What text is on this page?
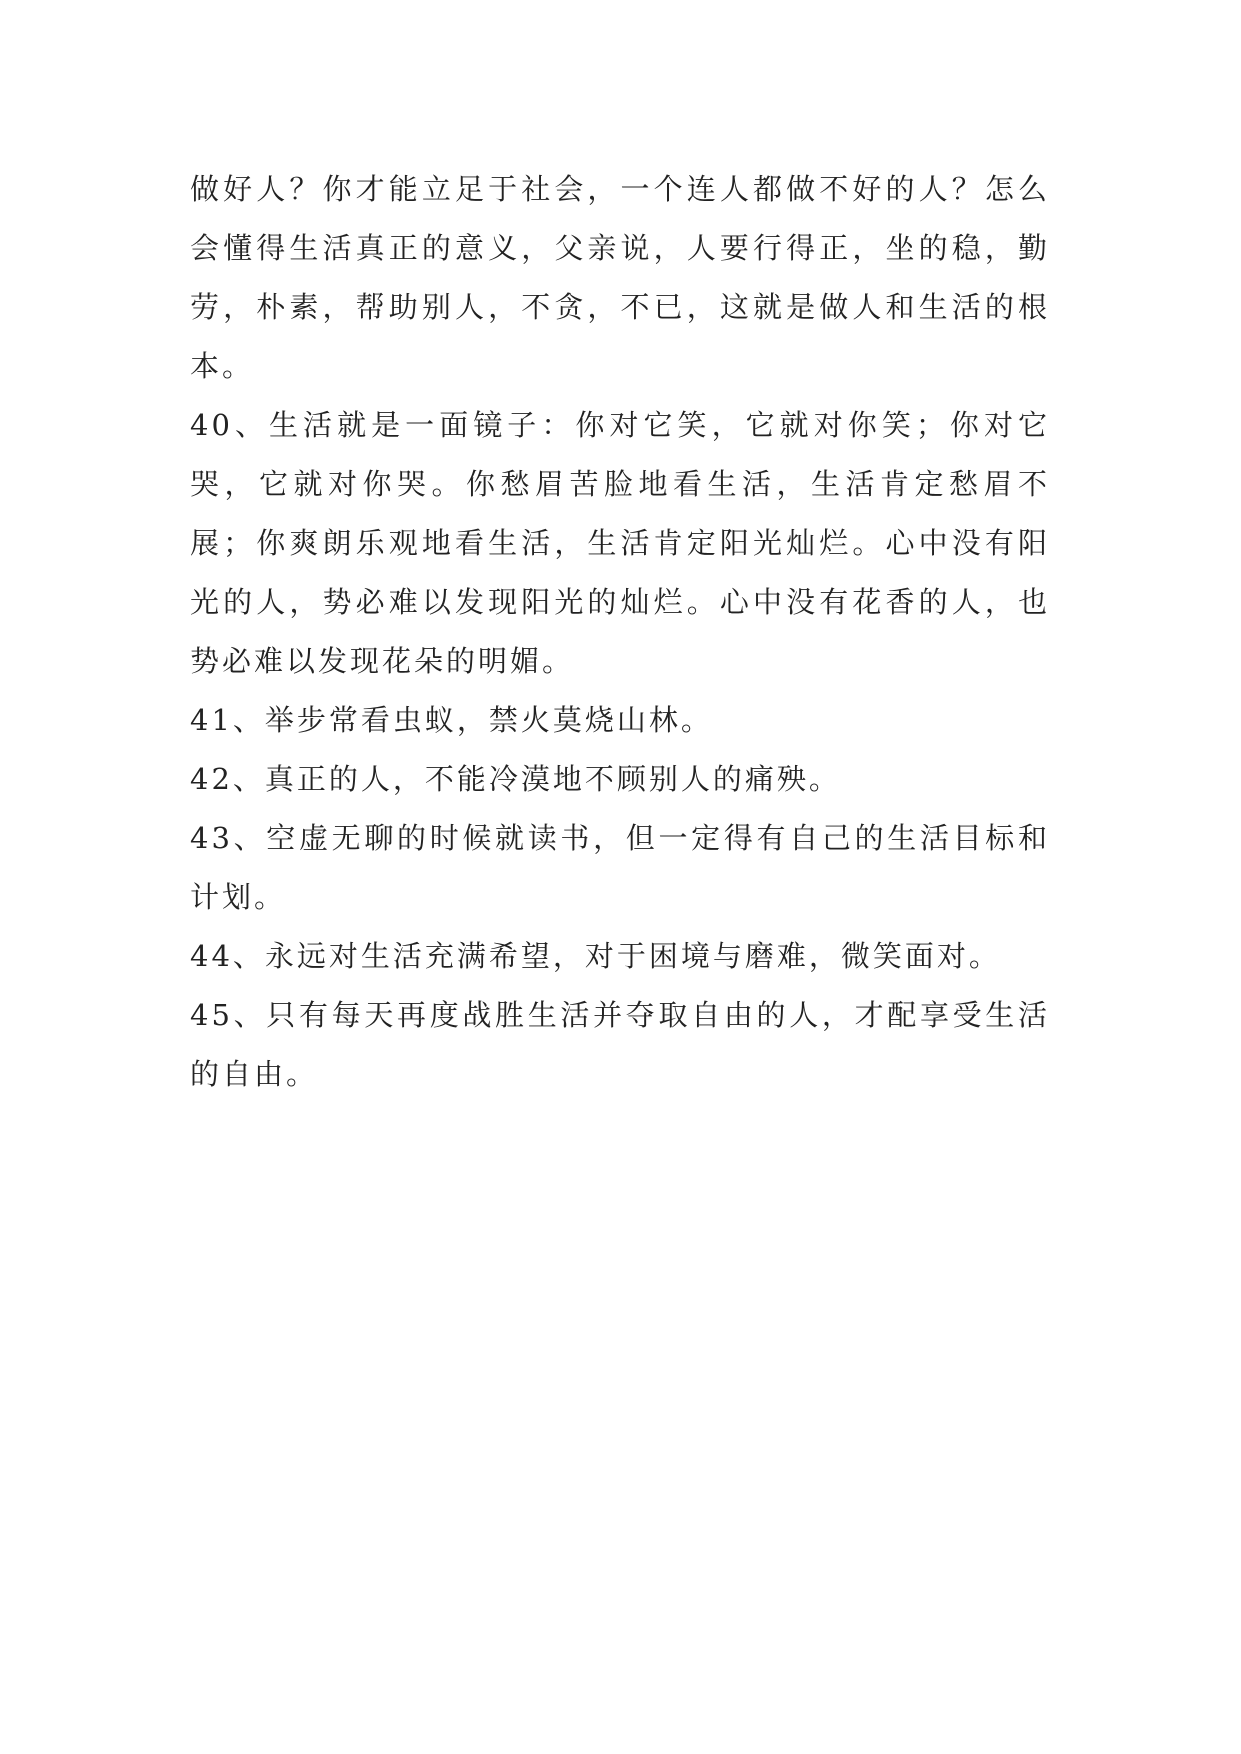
做好人？你才能立足于社会，一个连人都做不好的人？怎么会懂得生活真正的意义，父亲说，人要行得正，坐的稳，勤劳，朴素，帮助别人，不贪，不已，这就是做人和生活的根本。

40、生活就是一面镜子：你对它笑，它就对你笑；你对它哭，它就对你哭。你愁眉苦脸地看生活，生活肯定愁眉不展；你爽朗乐观地看生活，生活肯定阳光灿烂。心中没有阳光的人，势必难以发现阳光的灿烂。心中没有花香的人，也势必难以发现花朵的明媚。

41、举步常看虫蚁，禁火莫烧山林。

42、真正的人，不能冷漠地不顾别人的痛殃。

43、空虚无聊的时候就读书，但一定得有自己的生活目标和计划。

44、永远对生活充满希望，对于困境与磨难，微笑面对。

45、只有每天再度战胜生活并夺取自由的人，才配享受生活的自由。
